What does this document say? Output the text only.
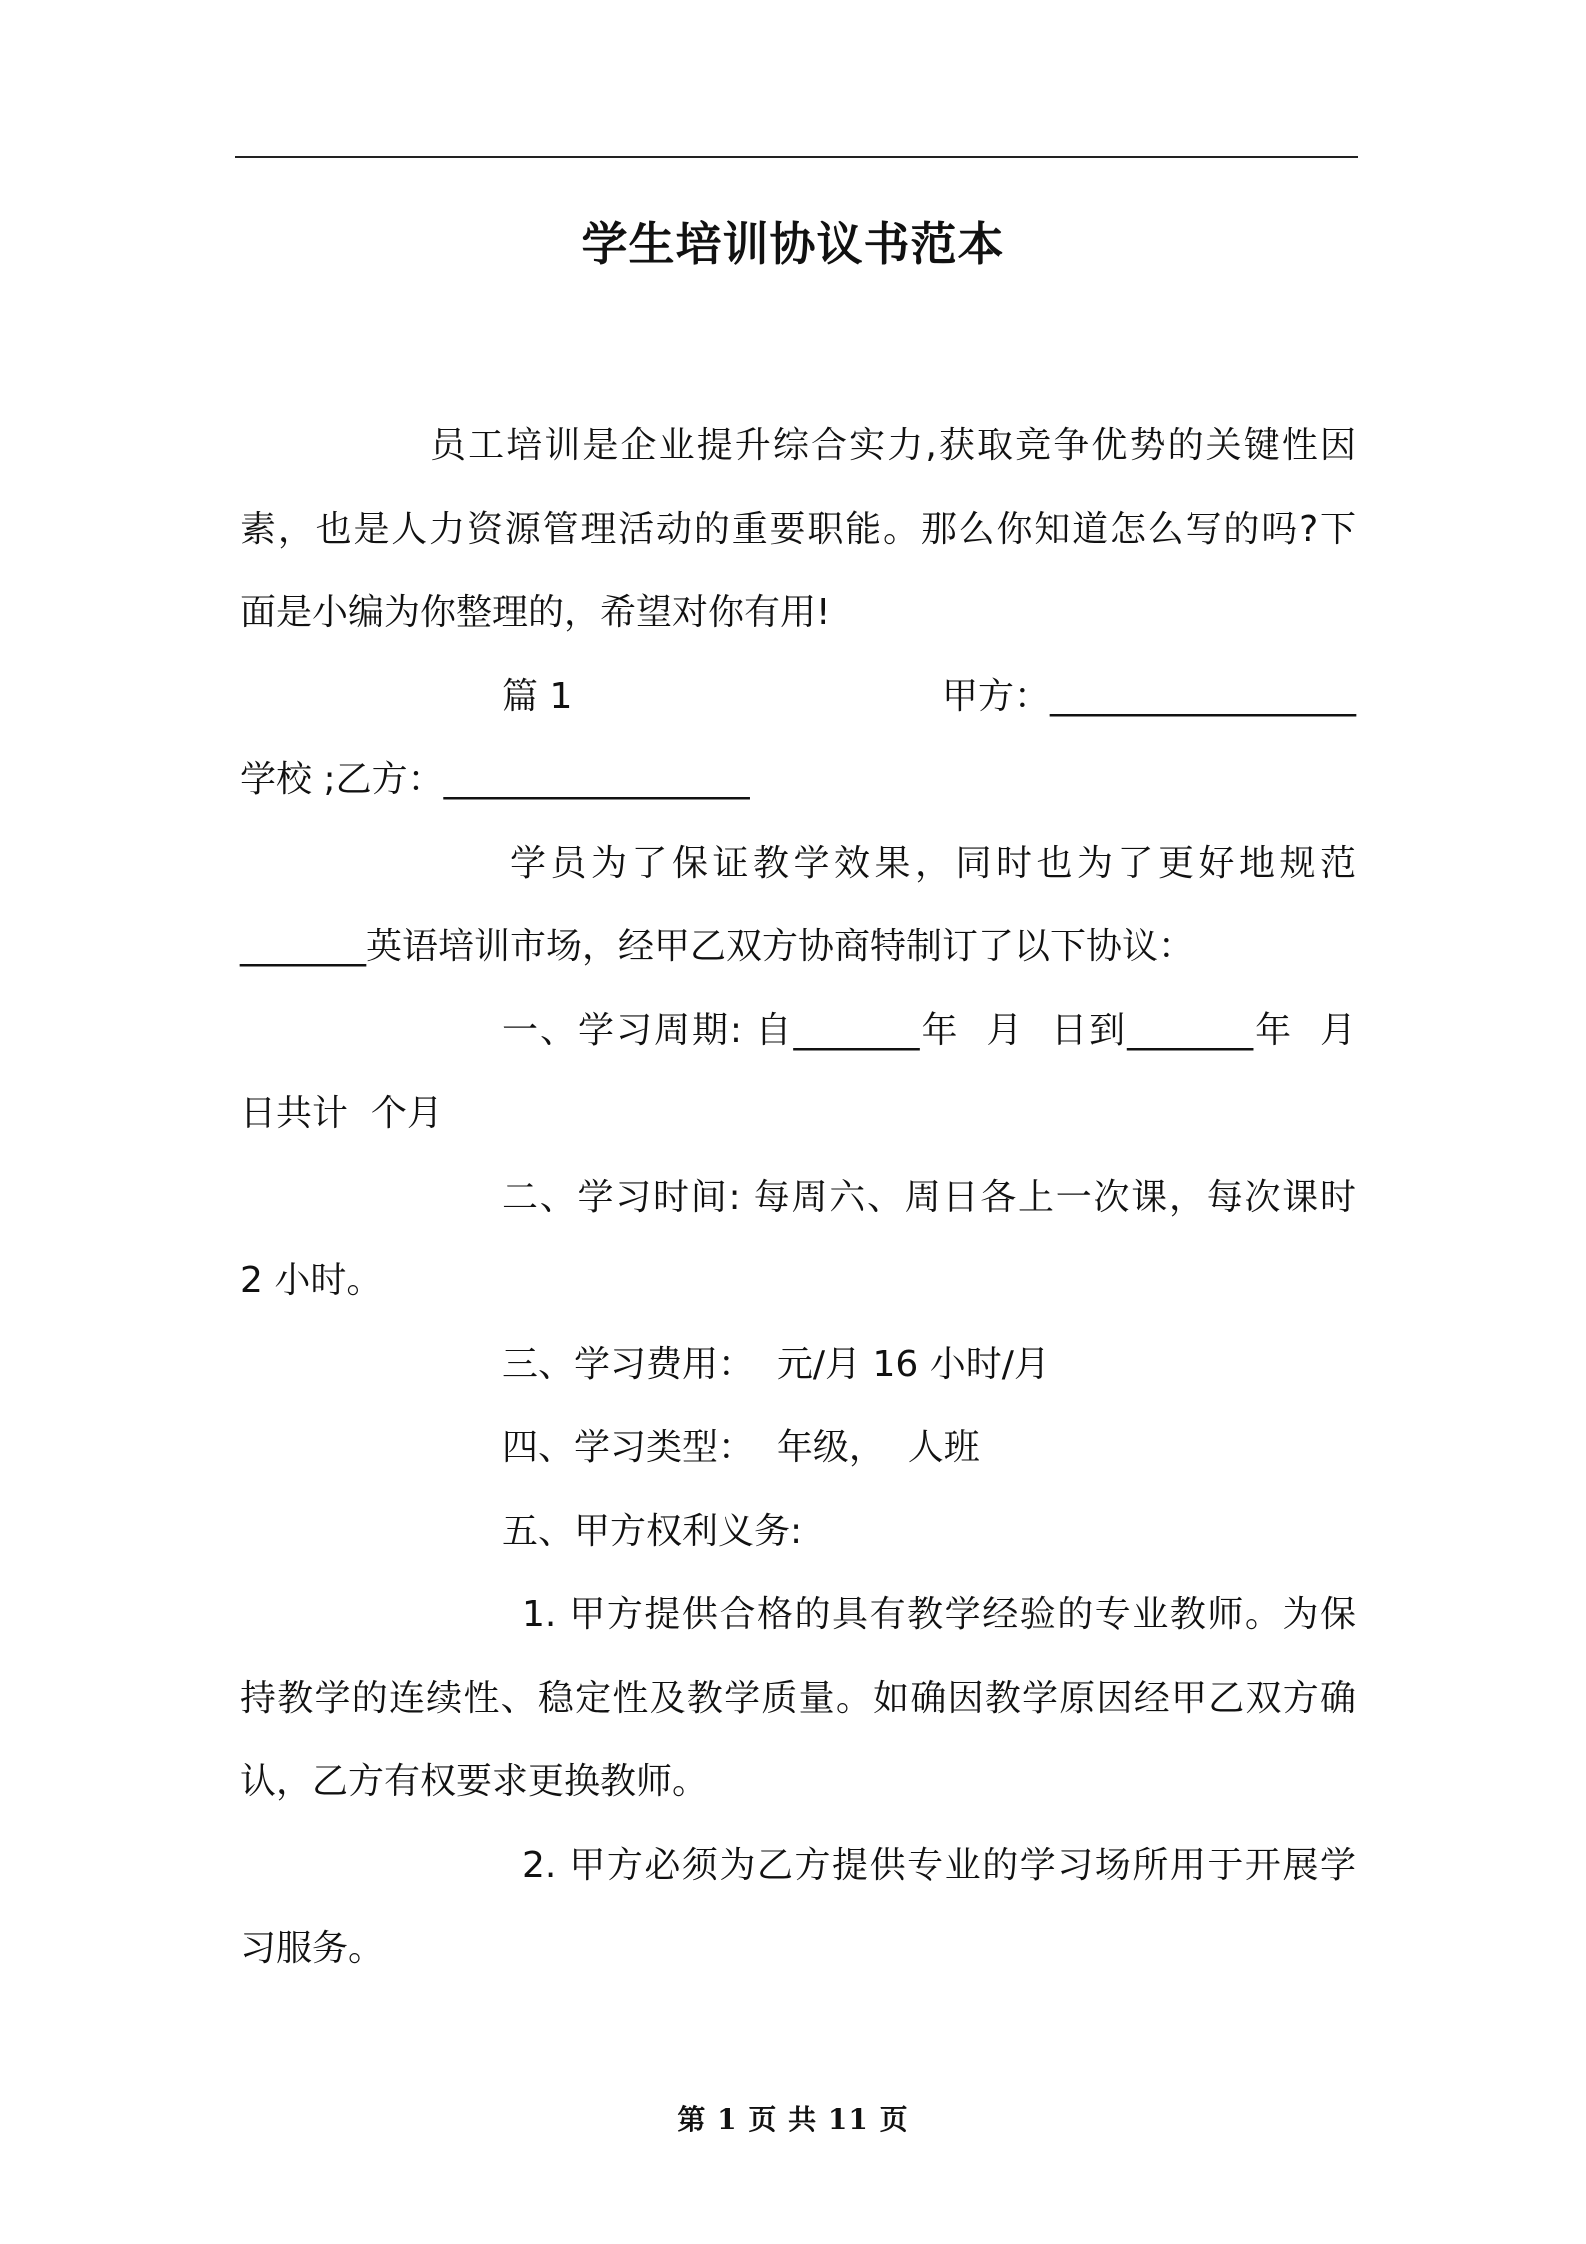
学生培训协议书范本
员工培训是企业提升综合实力,获取竞争优势的关键性因
素，也是人力资源管理活动的重要职能。那么你知道怎么写的吗?下
面是小编为你整理的，希望对你有用!
篇 1	甲方：_________________
学校 ;乙方：_________________
学员为了保证教学效果，同时也为了更好地规范
_______英语培训市场，经甲乙双方协商特制订了以下协议：
一、学习周期: 自_______年  月  日到_______年  月
日共计  个月
二、学习时间: 每周六、周日各上一次课，每次课时
2 小时。
三、学习费用：  元/月 16 小时/月
四、学习类型：  年级，  人班
五、甲方权利义务:
1. 甲方提供合格的具有教学经验的专业教师。为保
持教学的连续性、稳定性及教学质量。如确因教学原因经甲乙双方确
认，乙方有权要求更换教师。
2. 甲方必须为乙方提供专业的学习场所用于开展学
习服务。
第 1 页 共 11 页
